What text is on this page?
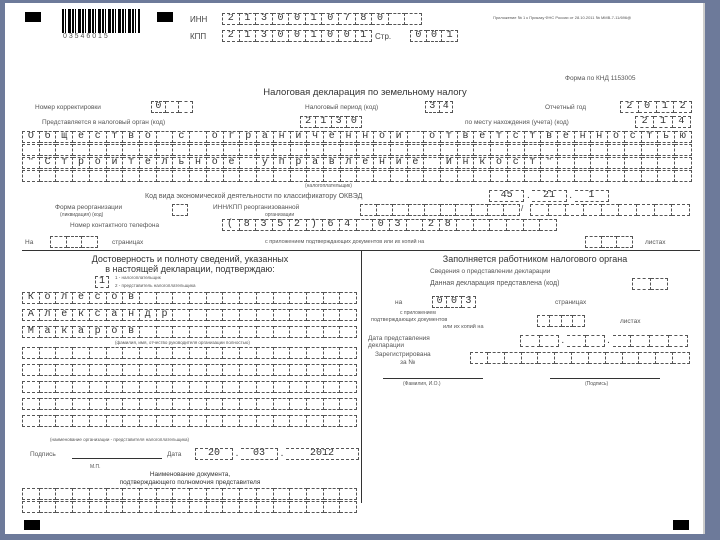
0 3 5 4 6 0 1 5
ИНН	2	1	3	0	0	1	0	7	8	0
КПП	2	1	3	0	0	1	0	0	1	Стр.	0 0 1
Приложение № 1 к Приказу ФНС России от 28.10.2011 № ММВ-7-11/696@
Форма по КНД 1153005
Налоговая декларация по земельному налогу
Номер корректировки	0	Налоговый период (код)	3 4	Отчетный год	2	0	1	2
Представляется в налоговый орган (код)	2 1 3 0	по месту нахождения (учета) (код)	2	1	4
О	б	щ	е	с	т	в	о	с	о	г	р	а	н	и	ч	е	н	н	о	й	о	т	в	е	т	с	т	в	е	н	н	о	с	т	ь	ю
"	С	т	р	о	и	т	е	л	ь	н	о	е	у	п	р	а	в	л	е	н	и	е	И	н	к	о	с	т	"
(налогоплательщик)
Код вида экономической деятельности по классификатору ОКВЭД	45	.	21	.	1
Форма реорганизации
(ликвидация) (код)
ИНН/КПП реорганизованной
организации
/
Номер контактного телефона	(8352)64 03 28
На	страницах	с приложением подтверждающих документов или их копий на	листах
Достоверность и полноту сведений, указанных
в настоящей декларации, подтверждаю:
1	1 - налогоплательщик
2 - представитель налогоплательщика
К	о	л	е	с	о	в
А	л	е	к	с	а	н	д	р
М	а	к	а	р	о	в
(фамилия, имя, отчество руководителя организации полностью)
(наименование организации - представителя налогоплательщика)
Подпись	Дата	20	.	03	.	2012
М.П.
Наименование документа,
подтверждающего полномочия представителя
Заполняется работником налогового органа
Сведения о представлении декларации
Данная декларация представлена (код)
на	0 0 3	страницах
с приложением
подтверждающих документов
или их копий на
листах
Дата представления
декларации	.	.
Зарегистрирована
за №
(Фамилия, И.О.)	(Подпись)
